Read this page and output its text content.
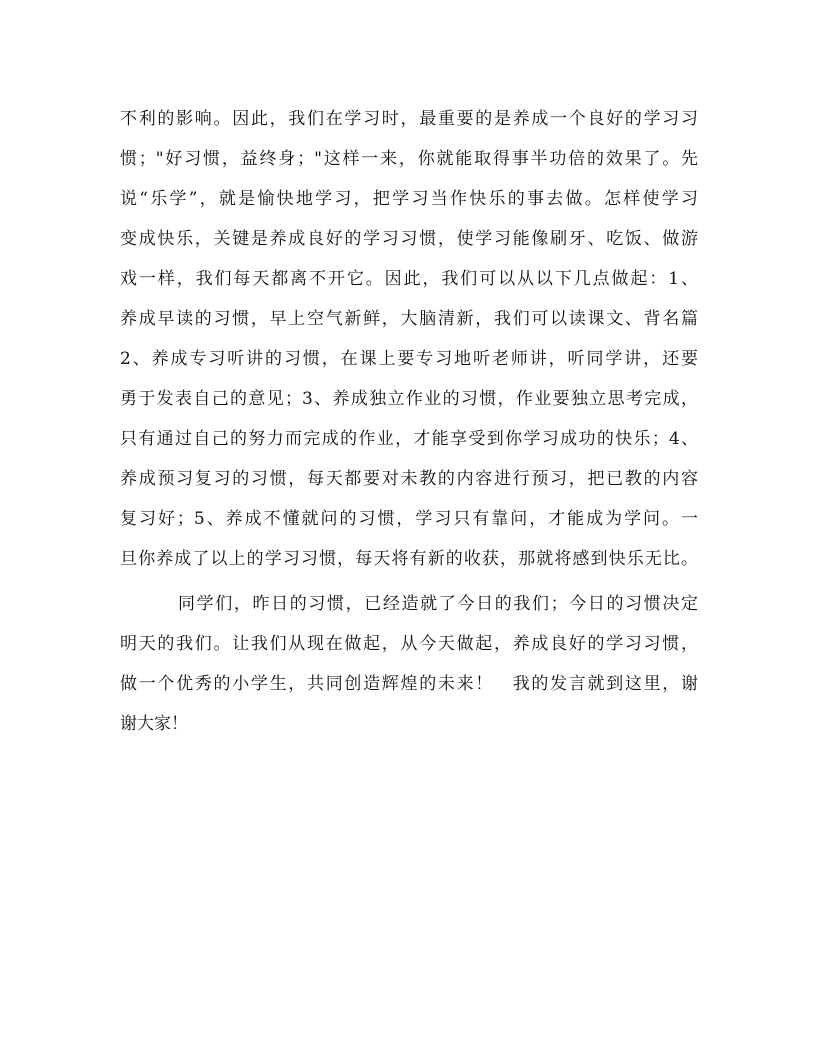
不利的影响。因此，我们在学习时，最重要的是养成一个良好的学习习
惯；"好习惯，益终身；"这样一来，你就能取得事半功倍的效果了。先
说“乐学”，就是愉快地学习，把学习当作快乐的事去做。怎样使学习
变成快乐，关键是养成良好的学习习惯，使学习能像刷牙、吃饭、做游
戏一样，我们每天都离不开它。因此，我们可以从以下几点做起：1、
养成早读的习惯，早上空气新鲜，大脑清新，我们可以读课文、背名篇
2、养成专习听讲的习惯，在课上要专习地听老师讲，听同学讲，还要
勇于发表自己的意见；3、养成独立作业的习惯，作业要独立思考完成，
只有通过自己的努力而完成的作业，才能享受到你学习成功的快乐；4、
养成预习复习的习惯，每天都要对未教的内容进行预习，把已教的内容
复习好；5、养成不懂就问的习惯，学习只有靠问，才能成为学问。一
旦你养成了以上的学习习惯，每天将有新的收获，那就将感到快乐无比。
同学们，昨日的习惯，已经造就了今日的我们；今日的习惯决定
明天的我们。让我们从现在做起，从今天做起，养成良好的学习习惯，
做一个优秀的小学生，共同创造辉煌的未来！　我的发言就到这里，谢
谢大家！
